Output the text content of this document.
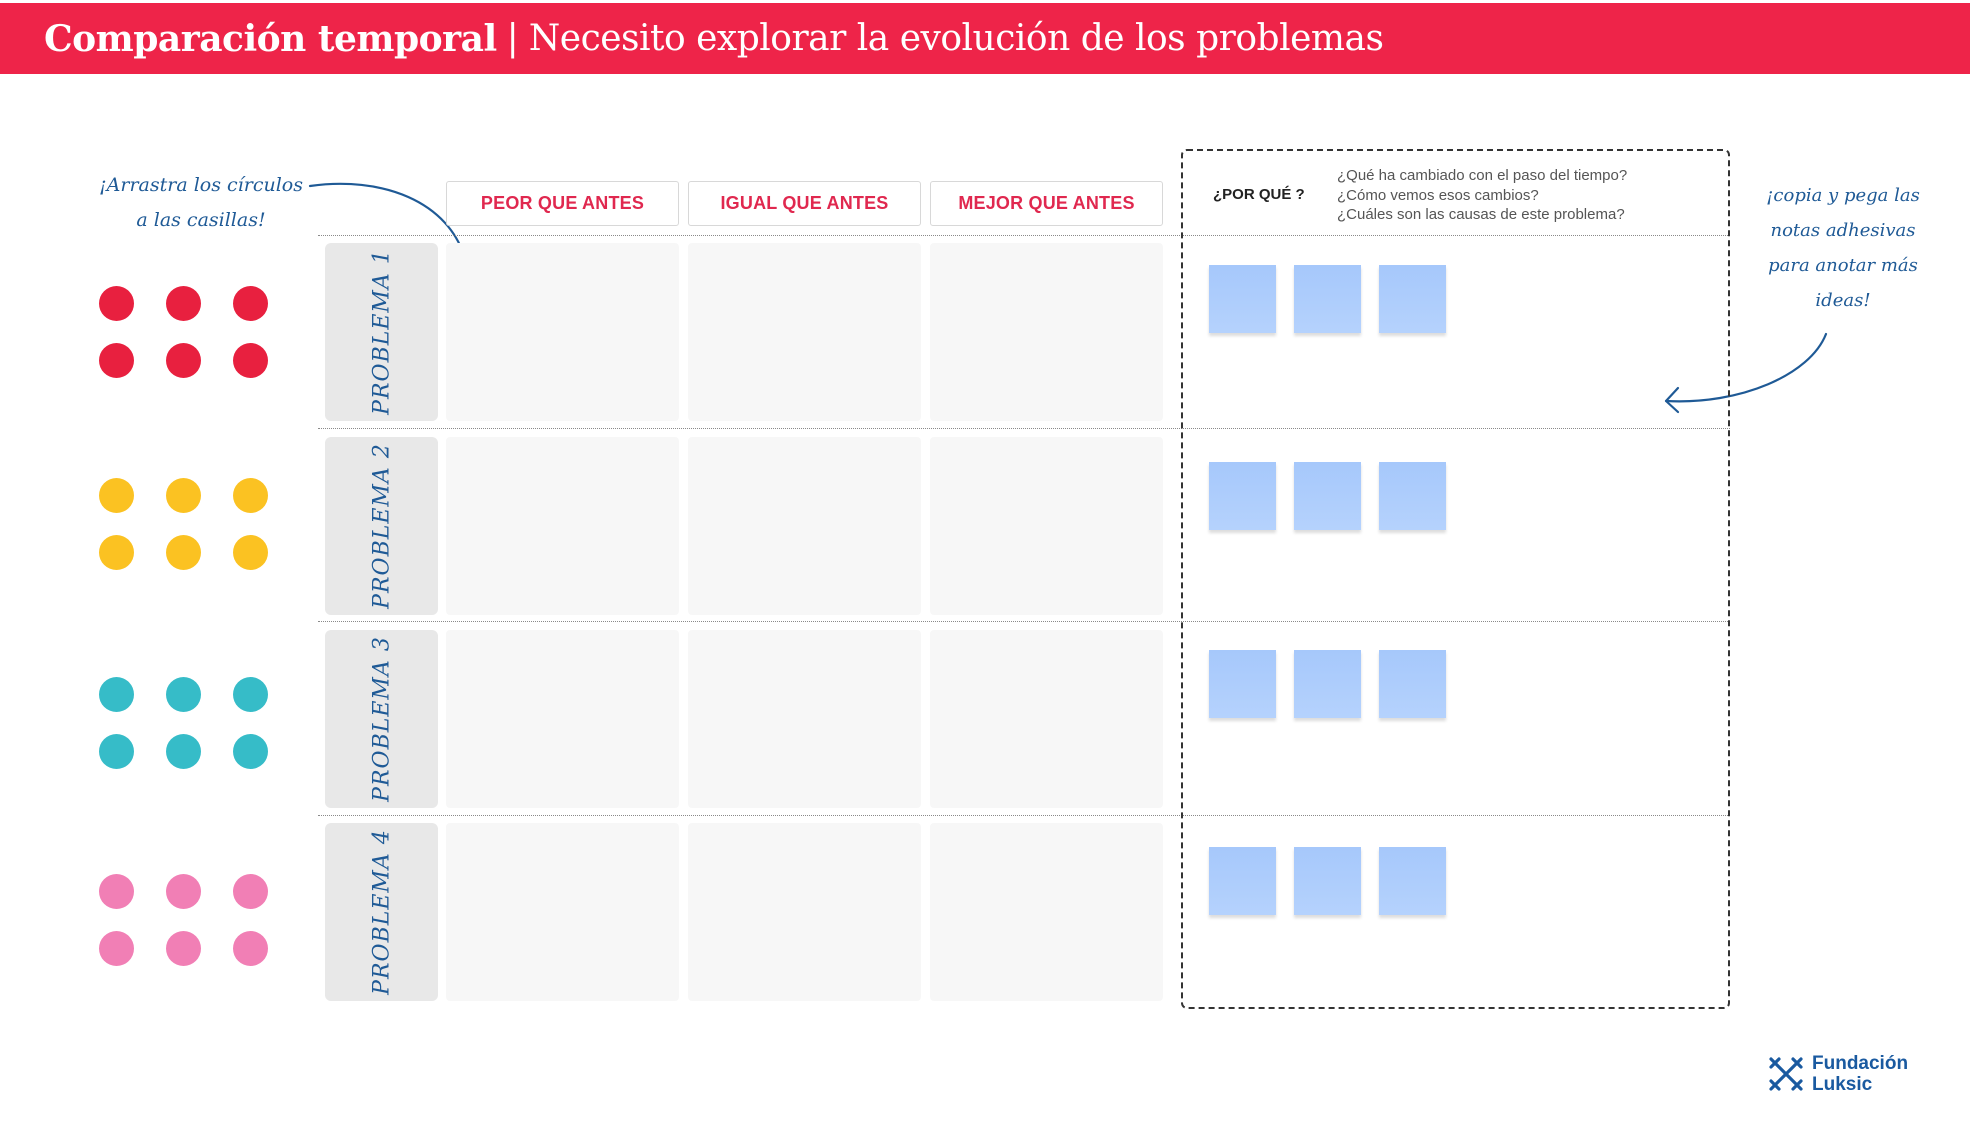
Comparación temporal | Necesito explorar la evolución de los problemas
¡Arrastra los círculos a las casillas!
¡copia y pega las notas adhesivas para anotar más ideas!
PEOR QUE ANTES	IGUAL QUE ANTES	MEJOR QUE ANTES
PROBLEMA 1
PROBLEMA 2
PROBLEMA 3
PROBLEMA 4
¿POR QUÉ ?
¿Qué ha cambiado con el paso del tiempo?
¿Cómo vemos esos cambios?
¿Cuáles son las causas de este problema?
Fundación
Luksic
